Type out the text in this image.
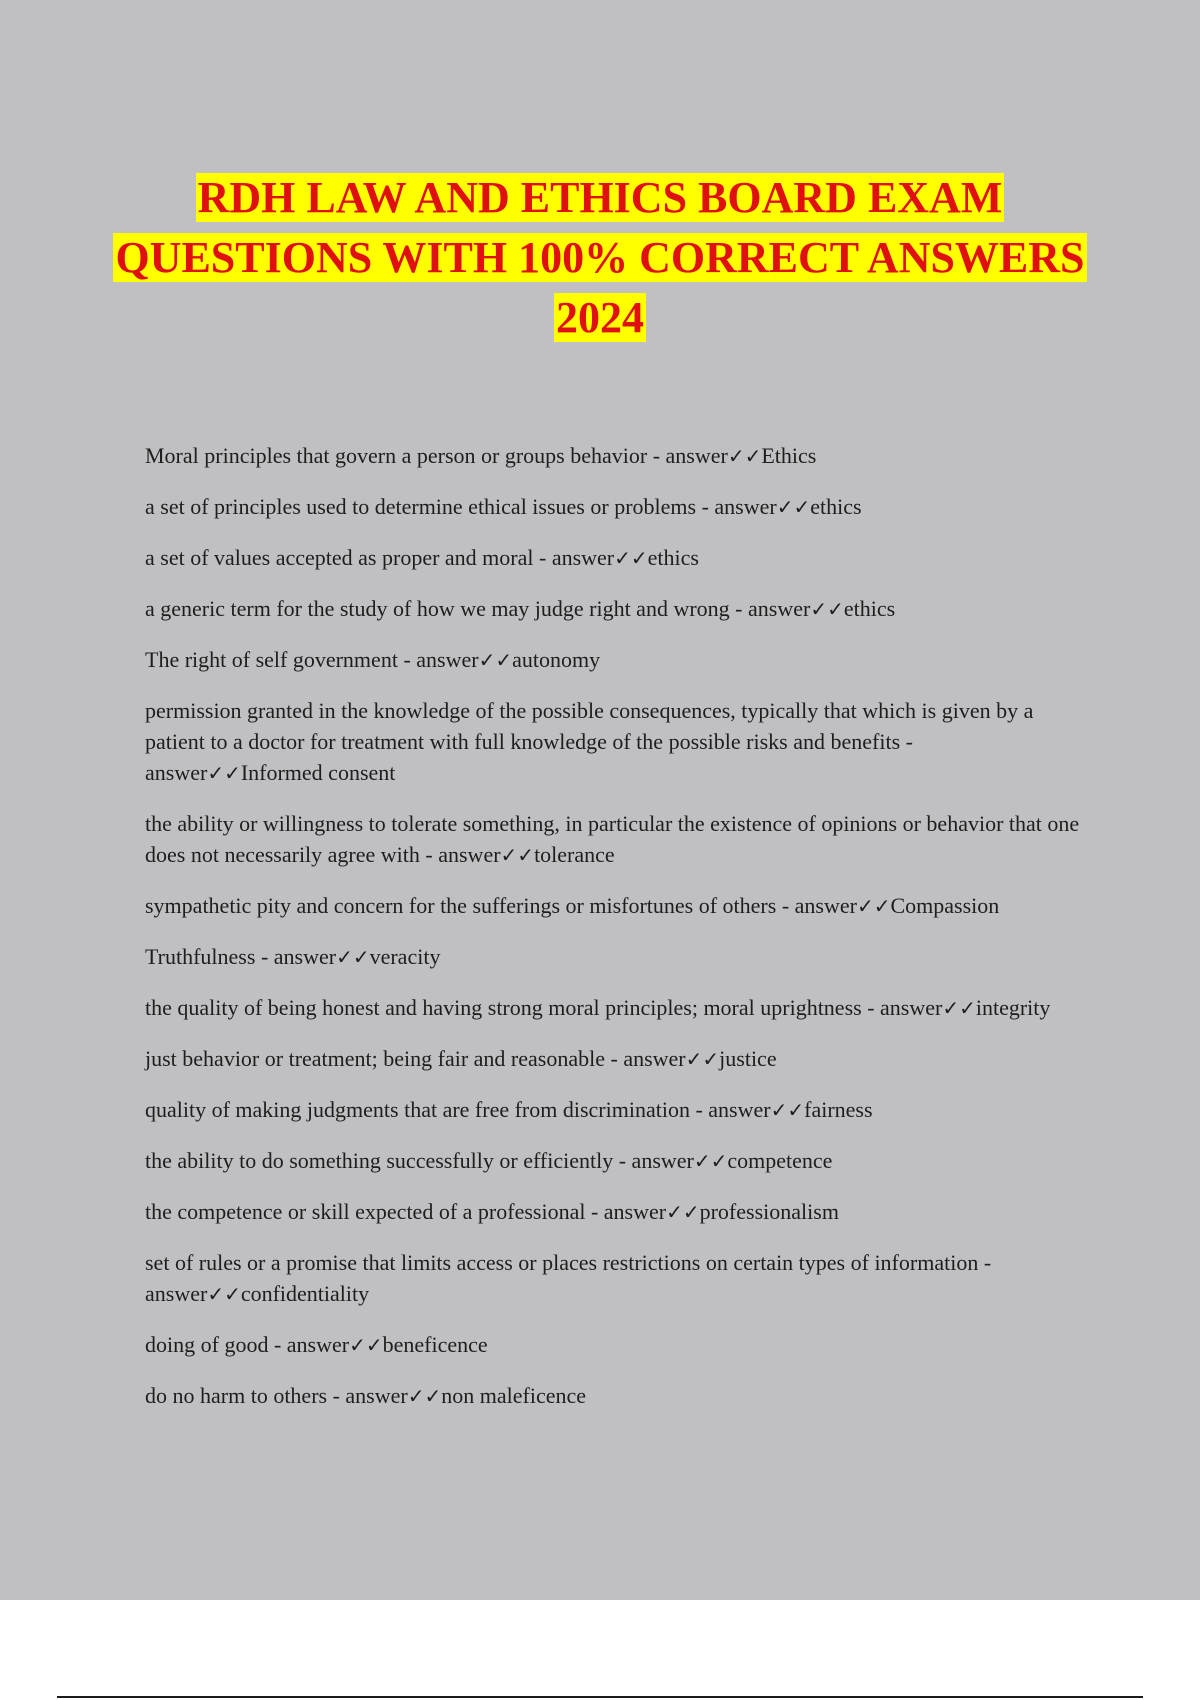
RDH LAW AND ETHICS BOARD EXAM QUESTIONS WITH 100% CORRECT ANSWERS 2024
Moral principles that govern a person or groups behavior - answer✓✓Ethics
a set of principles used to determine ethical issues or problems - answer✓✓ethics
a set of values accepted as proper and moral - answer✓✓ethics
a generic term for the study of how we may judge right and wrong - answer✓✓ethics
The right of self government - answer✓✓autonomy
permission granted in the knowledge of the possible consequences, typically that which is given by a patient to a doctor for treatment with full knowledge of the possible risks and benefits - answer✓✓Informed consent
the ability or willingness to tolerate something, in particular the existence of opinions or behavior that one does not necessarily agree with - answer✓✓tolerance
sympathetic pity and concern for the sufferings or misfortunes of others - answer✓✓Compassion
Truthfulness - answer✓✓veracity
the quality of being honest and having strong moral principles; moral uprightness - answer✓✓integrity
just behavior or treatment; being fair and reasonable - answer✓✓justice
quality of making judgments that are free from discrimination - answer✓✓fairness
the ability to do something successfully or efficiently - answer✓✓competence
the competence or skill expected of a professional - answer✓✓professionalism
set of rules or a promise that limits access or places restrictions on certain types of information - answer✓✓confidentiality
doing of good - answer✓✓beneficence
do no harm to others - answer✓✓non maleficence
